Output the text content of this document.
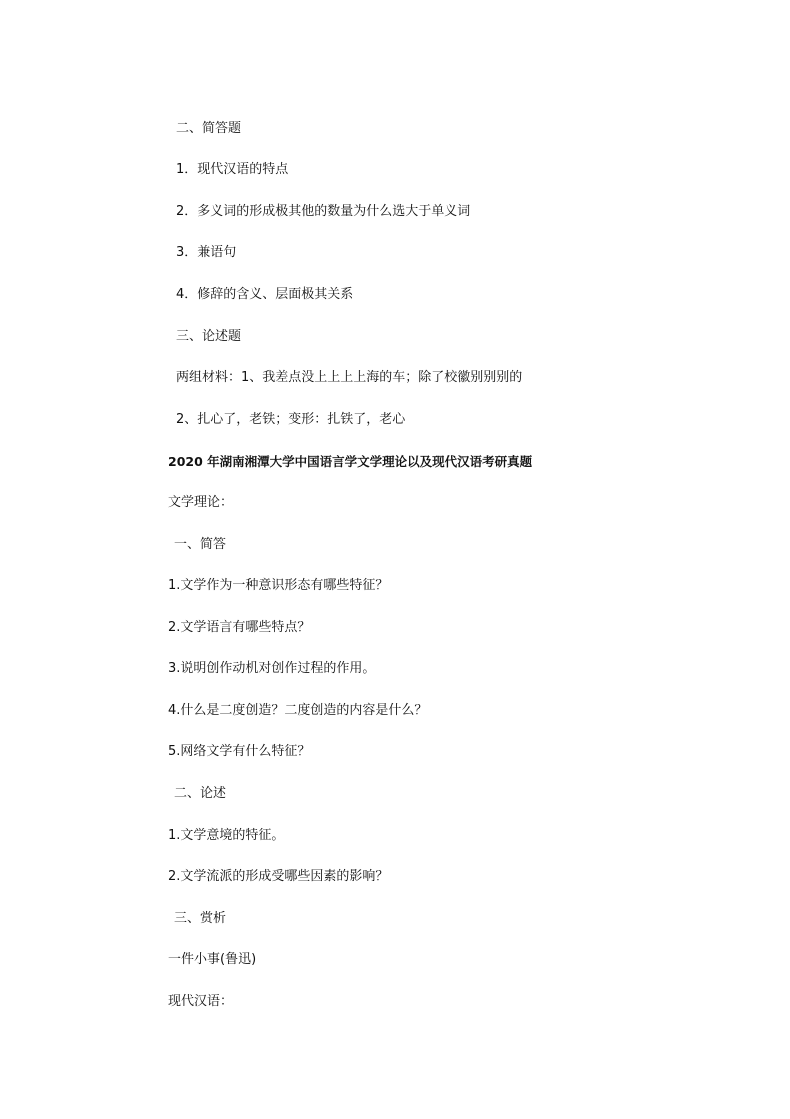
二、简答题
1．现代汉语的特点
2．多义词的形成极其他的数量为什么选大于单义词
3．兼语句
4．修辞的含义、层面极其关系
三、论述题
两组材料：1、我差点没上上上上海的车；除了校徽别别别的
2、扎心了，老铁；变形：扎铁了，老心
2020 年湖南湘潭大学中国语言学文学理论以及现代汉语考研真题
文学理论：
一、简答
1.文学作为一种意识形态有哪些特征？
2.文学语言有哪些特点？
3.说明创作动机对创作过程的作用。
4.什么是二度创造？二度创造的内容是什么？
5.网络文学有什么特征？
二、论述
1.文学意境的特征。
2.文学流派的形成受哪些因素的影响？
三、赏析
一件小事(鲁迅)
现代汉语：
